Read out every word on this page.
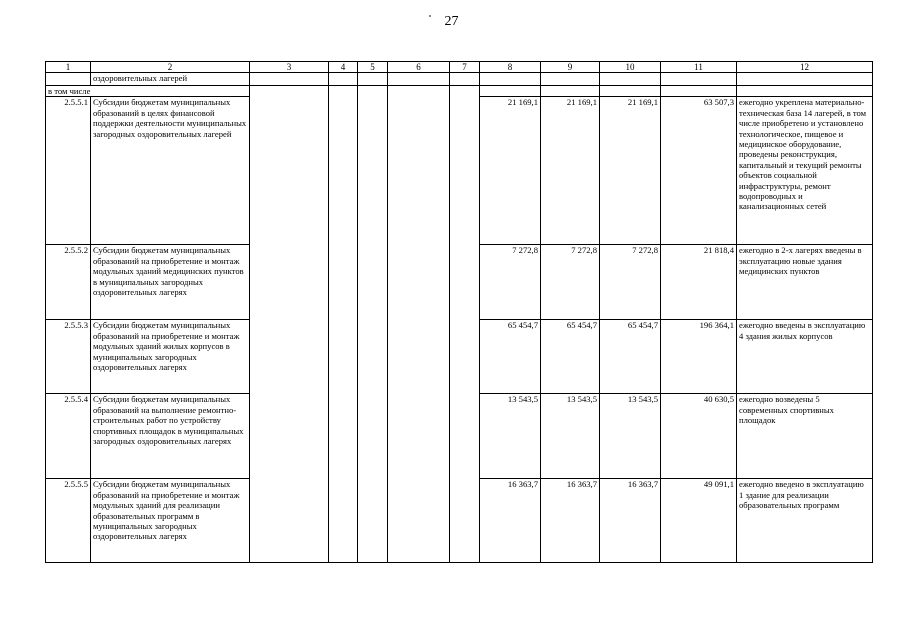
27
1	2	3	4	5	6	7	8	9	10	11	12
	оздоровительных лагерей										
в том числе											
2.5.5.1	Субсидии бюджетам муниципальных образований в целях финансовой поддержки деятельности муниципальных загородных оздоровительных лагерей						21 169,1	21 169,1	21 169,1	63 507,3	ежегодно укреплена материально-техническая база 14 лагерей, в том числе приобретено и установлено технологическое, пищевое и медицинское оборудование, проведены реконструкция, капитальный и текущий ремонты объектов социальной инфраструктуры, ремонт водопроводных и канализационных сетей
2.5.5.2	Субсидии бюджетам муниципальных образований на приобретение и монтаж модульных зданий медицинских пунктов в муниципальных загородных оздоровительных лагерях						7 272,8	7 272,8	7 272,8	21 818,4	ежегодно в 2-х лагерях введены в эксплуатацию новые здания медицинских пунктов
2.5.5.3	Субсидии бюджетам муниципальных образований на приобретение и монтаж модульных зданий жилых корпусов в муниципальных загородных оздоровительных лагерях						65 454,7	65 454,7	65 454,7	196 364,1	ежегодно введены в эксплуатацию 4 здания жилых корпусов
2.5.5.4	Субсидии бюджетам муниципальных образований на выполнение ремонтно-строительных работ по устройству спортивных площадок в муниципальных загородных оздоровительных лагерях						13 543,5	13 543,5	13 543,5	40 630,5	ежегодно возведены 5 современных спортивных площадок
2.5.5.5	Субсидии бюджетам муниципальных образований на приобретение и монтаж модульных зданий для реализации образовательных программ в муниципальных загородных оздоровительных лагерях						16 363,7	16 363,7	16 363,7	49 091,1	ежегодно введено в эксплуатацию 1 здание для реализации образовательных программ
